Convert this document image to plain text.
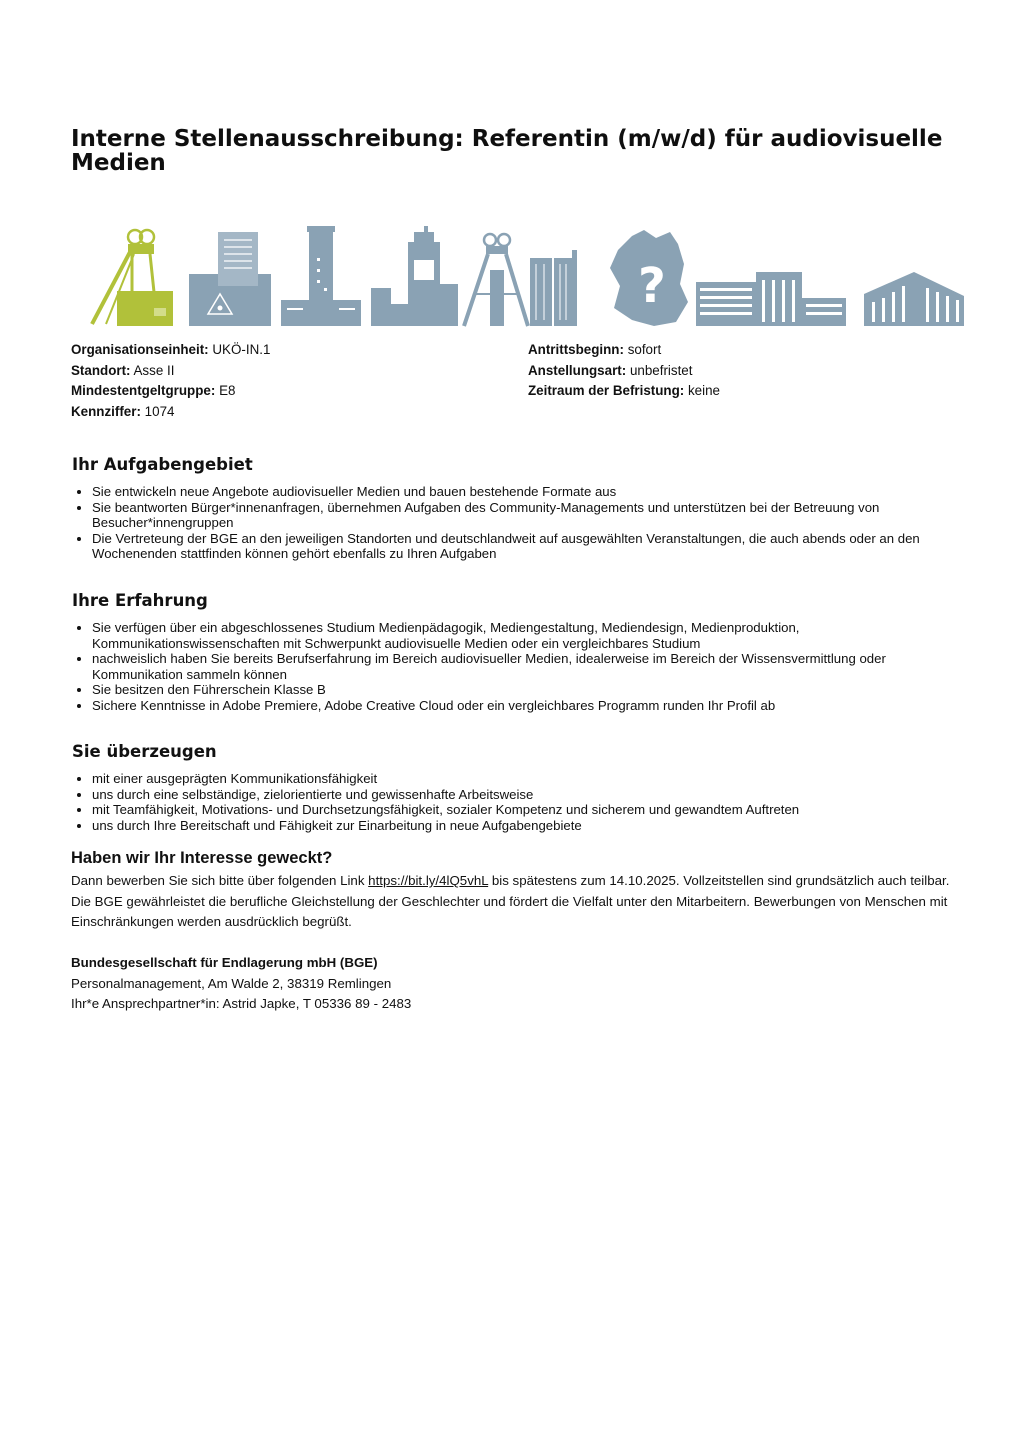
Interne Stellenausschreibung: Referentin (m/w/d) für audiovisuelle Medien
?
Organisationseinheit: UKÖ-IN.1
Standort: Asse II
Mindestentgeltgruppe: E8
Kennziffer: 1074
Antrittsbeginn: sofort
Anstellungsart: unbefristet
Zeitraum der Befristung: keine
Ihr Aufgabengebiet
• Sie entwickeln neue Angebote audiovisueller Medien und bauen bestehende Formate aus
• Sie beantworten Bürger*innenanfragen, übernehmen Aufgaben des Community-Managements und unterstützen bei der Betreuung von Besucher*innengruppen
• Die Vertreteung der BGE an den jeweiligen Standorten und deutschlandweit auf ausgewählten Veranstaltungen, die auch abends oder an den Wochenenden stattfinden können gehört ebenfalls zu Ihren Aufgaben
Ihre Erfahrung
• Sie verfügen über ein abgeschlossenes Studium Medienpädagogik, Mediengestaltung, Mediendesign, Medienproduktion, Kommunikationswissenschaften mit Schwerpunkt audiovisuelle Medien oder ein vergleichbares Studium
• nachweislich haben Sie bereits Berufserfahrung im Bereich audiovisueller Medien, idealerweise im Bereich der Wissensvermittlung oder Kommunikation sammeln können
• Sie besitzen den Führerschein Klasse B
• Sichere Kenntnisse in Adobe Premiere, Adobe Creative Cloud oder ein vergleichbares Programm runden Ihr Profil ab
Sie überzeugen
• mit einer ausgeprägten Kommunikationsfähigkeit
• uns durch eine selbständige, zielorientierte und gewissenhafte Arbeitsweise
• mit Teamfähigkeit, Motivations- und Durchsetzungsfähigkeit, sozialer Kompetenz und sicherem und gewandtem Auftreten
• uns durch Ihre Bereitschaft und Fähigkeit zur Einarbeitung in neue Aufgabengebiete
Haben wir Ihr Interesse geweckt?

Dann bewerben Sie sich bitte über folgenden Link https://bit.ly/4lQ5vhL bis spätestens zum 14.10.2025. Vollzeitstellen sind grundsätzlich auch teilbar. Die BGE gewährleistet die berufliche Gleichstellung der Geschlechter und fördert die Vielfalt unter den Mitarbeitern. Bewerbungen von Menschen mit Einschränkungen werden ausdrücklich begrüßt.

Bundesgesellschaft für Endlagerung mbH (BGE)
Personalmanagement, Am Walde 2, 38319 Remlingen
Ihr*e Ansprechpartner*in: Astrid Japke, T 05336 89 - 2483
